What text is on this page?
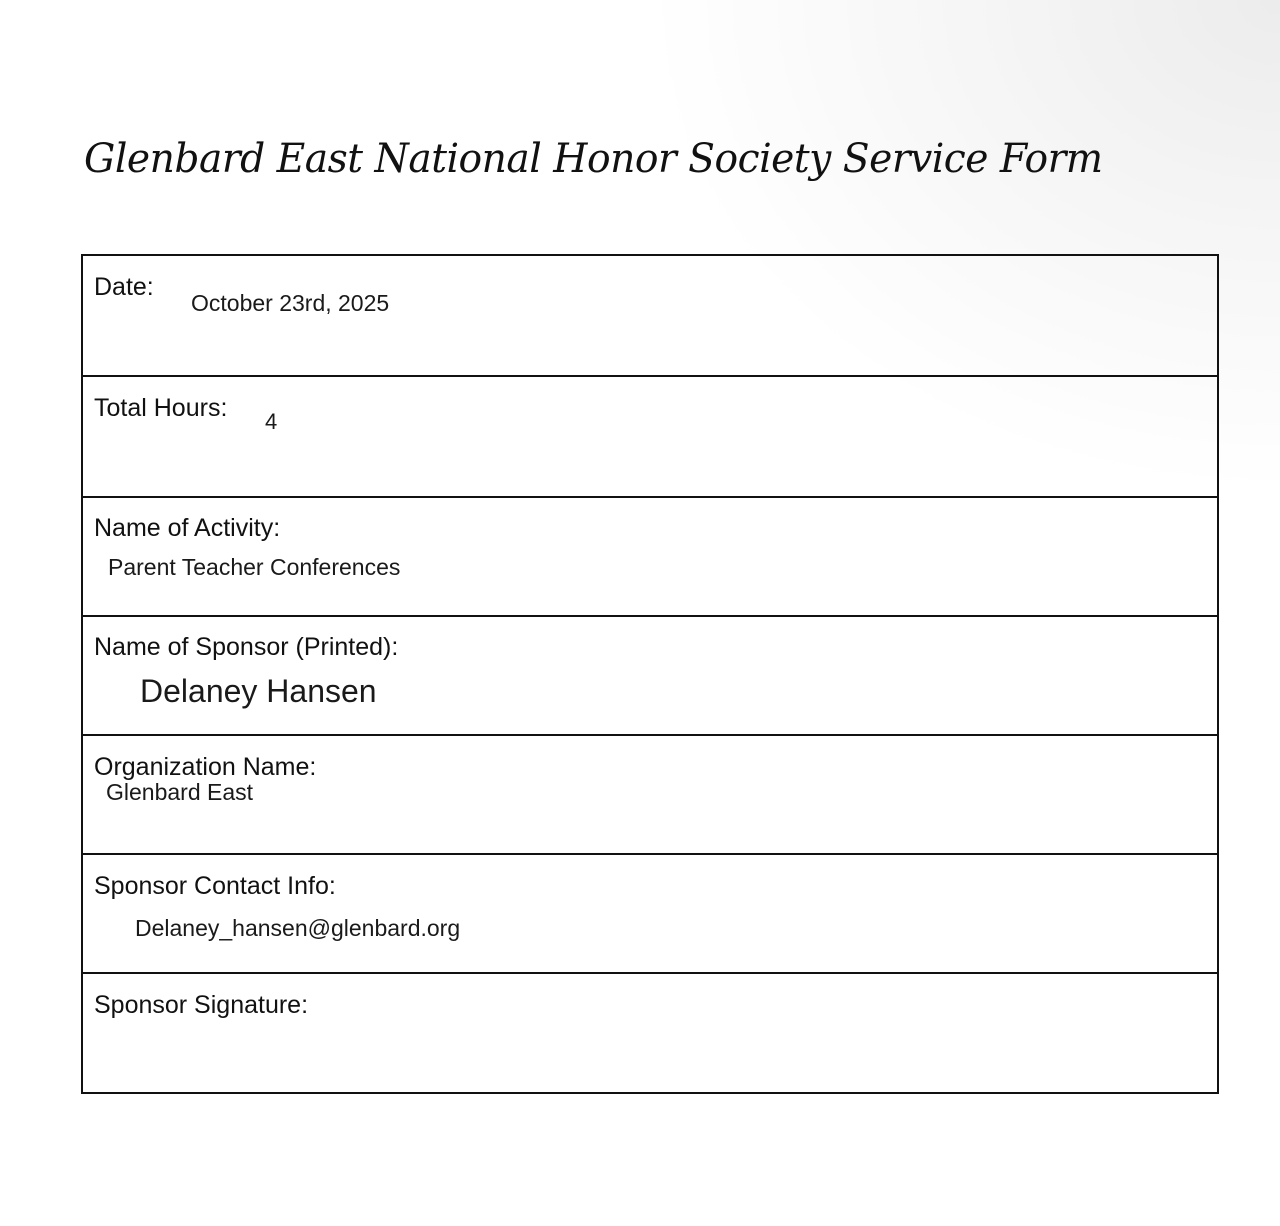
Glenbard East National Honor Society Service Form
Date:
October 23rd, 2025
Total Hours: 4
Name of Activity:
Parent Teacher Conferences
Name of Sponsor (Printed):
Delaney Hansen
Organization Name:
Glenbard East
Sponsor Contact Info:
Delaney_hansen@glenbard.org
Sponsor Signature:
